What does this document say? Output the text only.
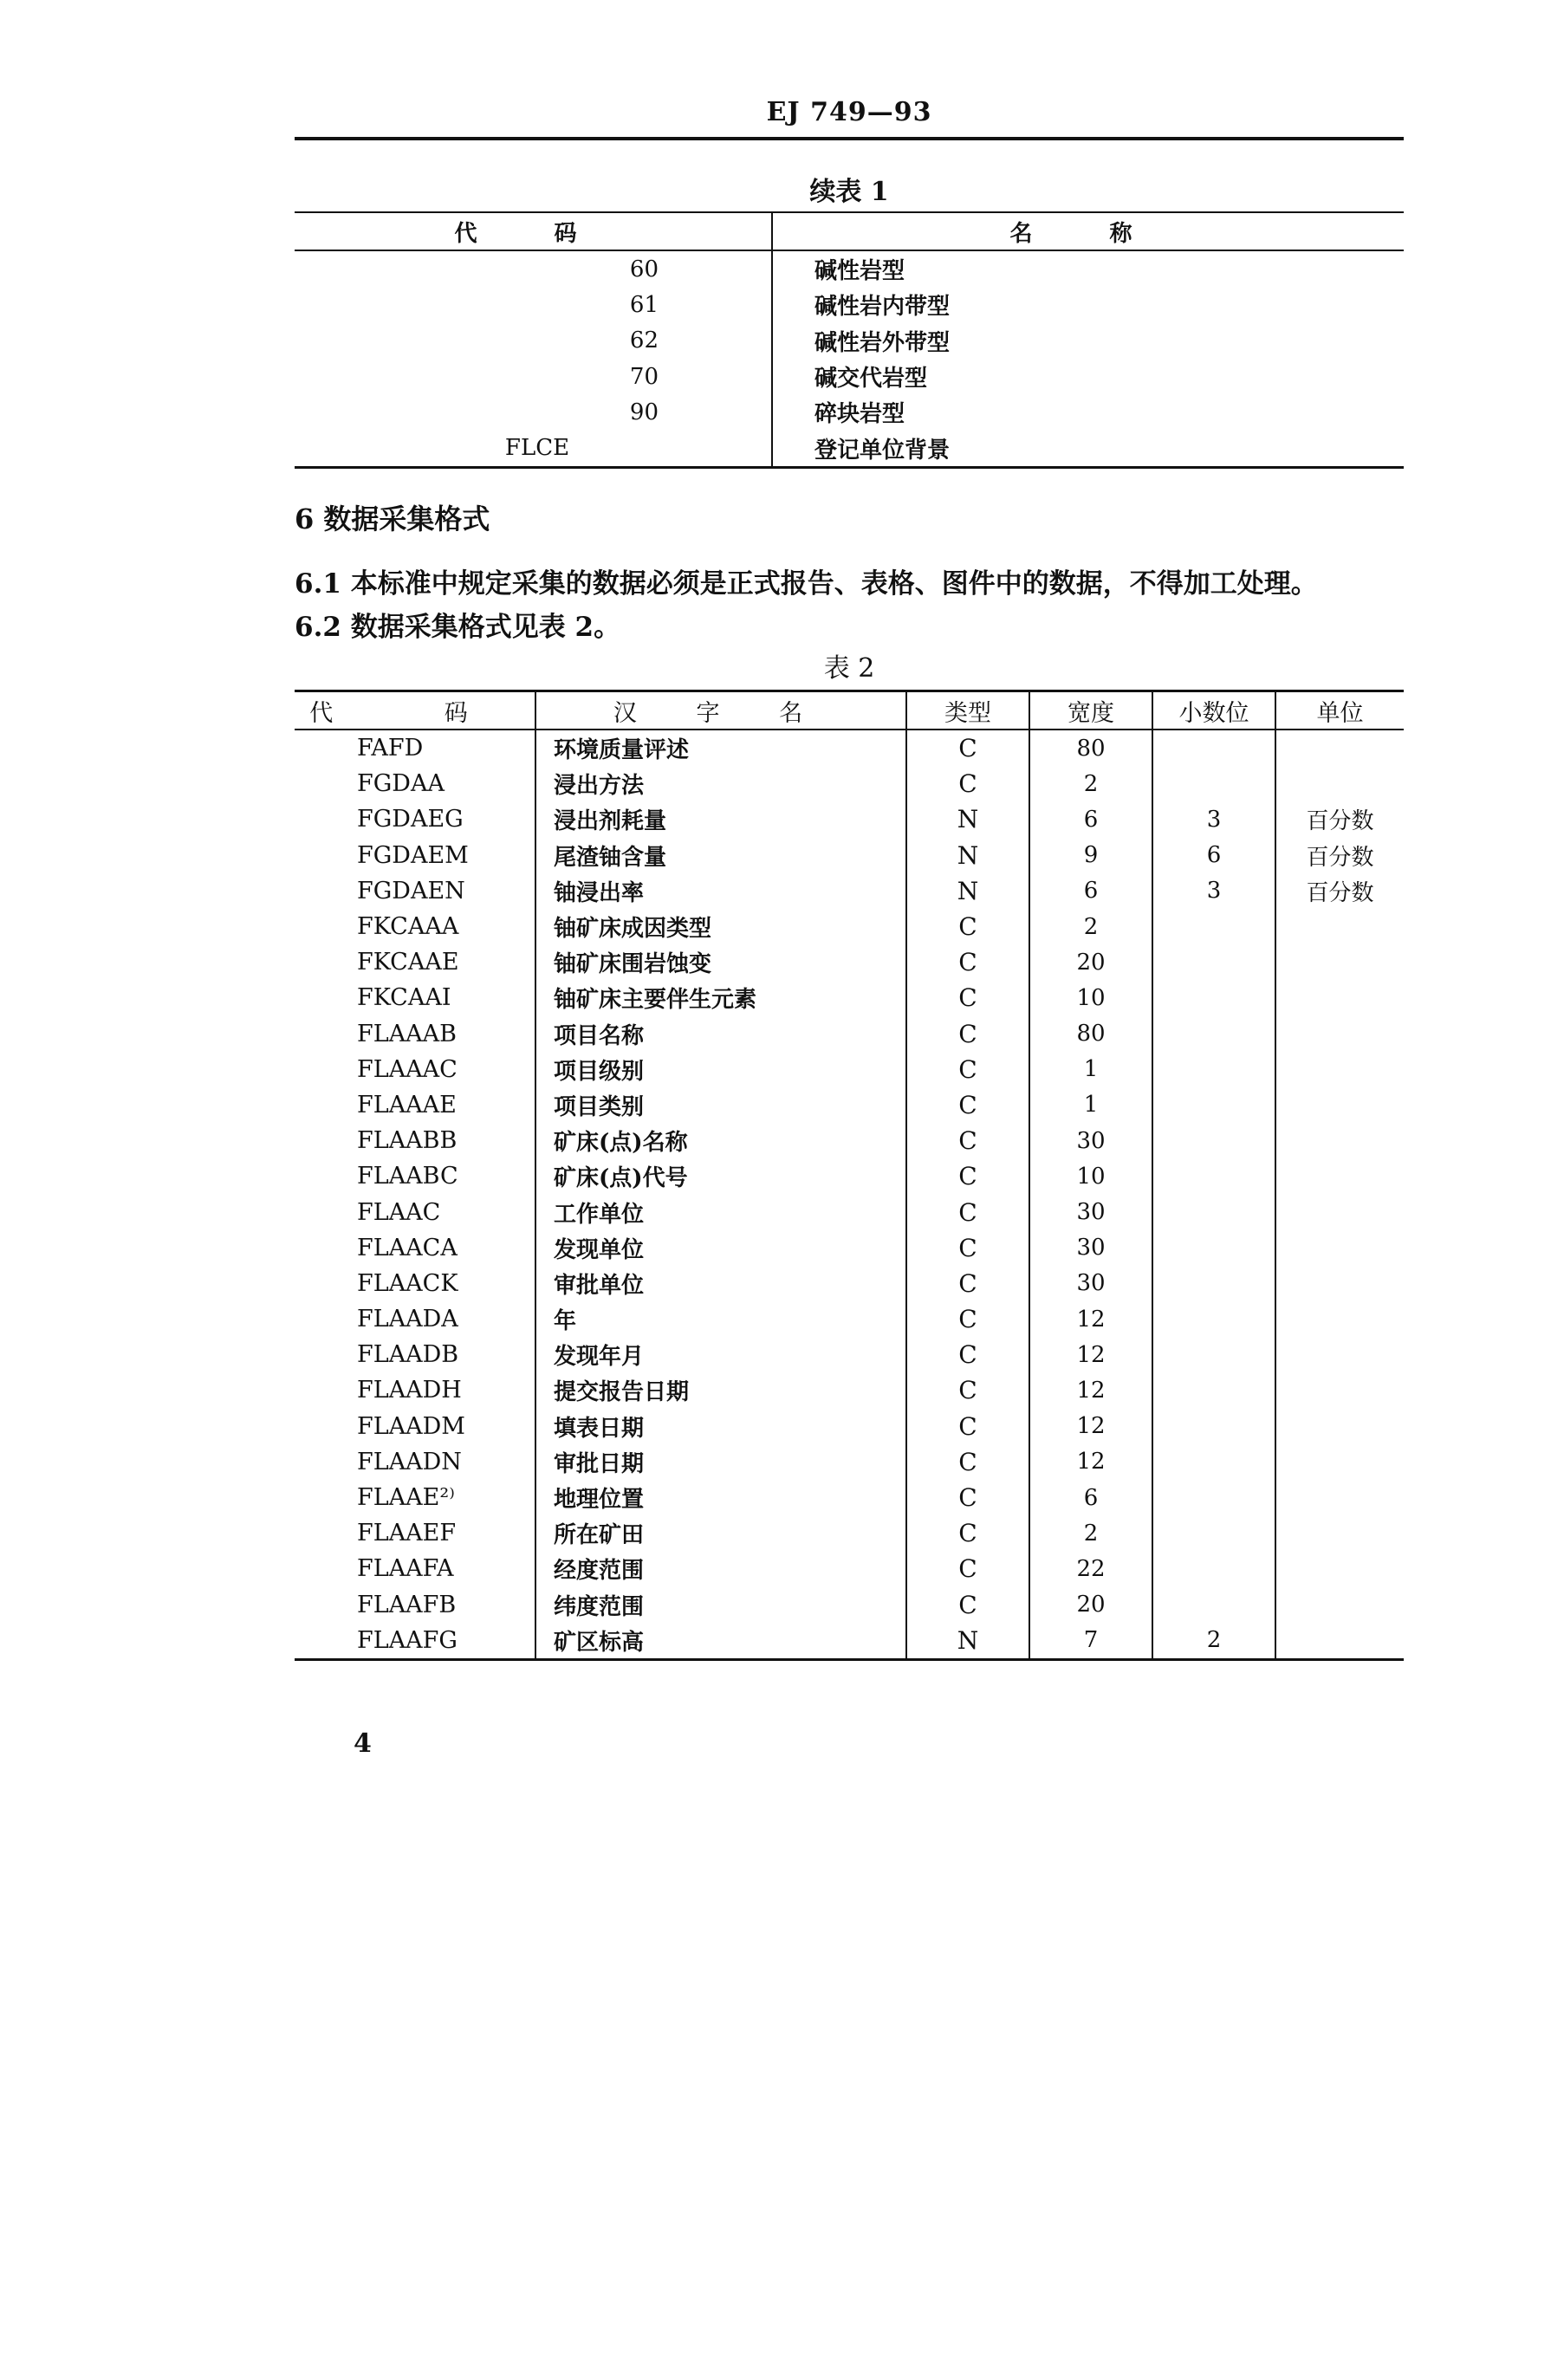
EJ 749—93
续表 1
代 码	名 称
60	碱性岩型
61	碱性岩内带型
62	碱性岩外带型
70	碱交代岩型
90	碎块岩型
FLCE	登记单位背景
6 数据采集格式
6.1 本标准中规定采集的数据必须是正式报告、表格、图件中的数据，不得加工处理。
6.2 数据采集格式见表 2。
表 2
代 码	汉 字 名	类型	宽度	小数位	单位
FAFD	环境质量评述	C	80		
FGDAA	浸出方法	C	2		
FGDAEG	浸出剂耗量	N	6	3	百分数
FGDAEM	尾渣铀含量	N	9	6	百分数
FGDAEN	铀浸出率	N	6	3	百分数
FKCAAA	铀矿床成因类型	C	2		
FKCAAE	铀矿床围岩蚀变	C	20		
FKCAAI	铀矿床主要伴生元素	C	10		
FLAAAB	项目名称	C	80		
FLAAAC	项目级别	C	1		
FLAAAE	项目类别	C	1		
FLAABB	矿床(点)名称	C	30		
FLAABC	矿床(点)代号	C	10		
FLAAC	工作单位	C	30		
FLAACA	发现单位	C	30		
FLAACK	审批单位	C	30		
FLAADA	年	C	12		
FLAADB	发现年月	C	12		
FLAADH	提交报告日期	C	12		
FLAADM	填表日期	C	12		
FLAADN	审批日期	C	12		
FLAAE²⁾	地理位置	C	6		
FLAAEF	所在矿田	C	2		
FLAAFA	经度范围	C	22		
FLAAFB	纬度范围	C	20		
FLAAFG	矿区标高	N	7	2	
4
